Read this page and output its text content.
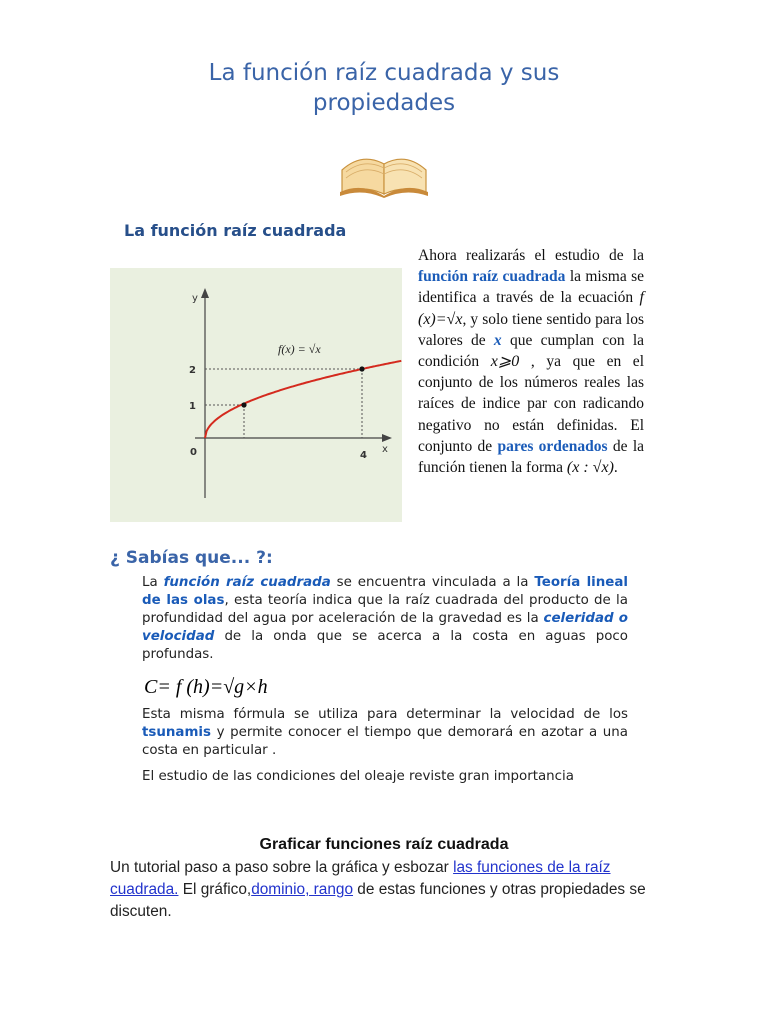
La función raíz cuadrada y sus
propiedades
La función raíz cuadrada
y
x
0	4
1
2
f(x) = √x
Ahora realizarás el estudio de la función raíz cuadrada la misma se identifica a través de la ecuación f (x)=√x, y solo tiene sentido para los valores de x que cumplan con la condición x⩾0 , ya que en el conjunto de los números reales las raíces de indice par con radicando negativo no están definidas. El conjunto de pares ordenados de la función tienen la forma (x : √x).
¿ Sabías que... ?:
La función raíz cuadrada se encuentra vinculada a la Teoría lineal de las olas, esta teoría indica que la raíz cuadrada del producto de la profundidad del agua por aceleración de la gravedad es la celeridad o velocidad de la onda que se acerca a la costa en aguas poco profundas.
C= f (h)=√g×h
Esta misma fórmula se utiliza para determinar la velocidad de los tsunamis y permite conocer el tiempo que demorará en azotar a una costa en particular .
El estudio de las condiciones del oleaje reviste gran importancia
Graficar funciones raíz cuadrada
Un tutorial paso a paso sobre la gráfica y esbozar las funciones de la raíz cuadrada. El gráfico,dominio, rango de estas funciones y otras propiedades se discuten.
